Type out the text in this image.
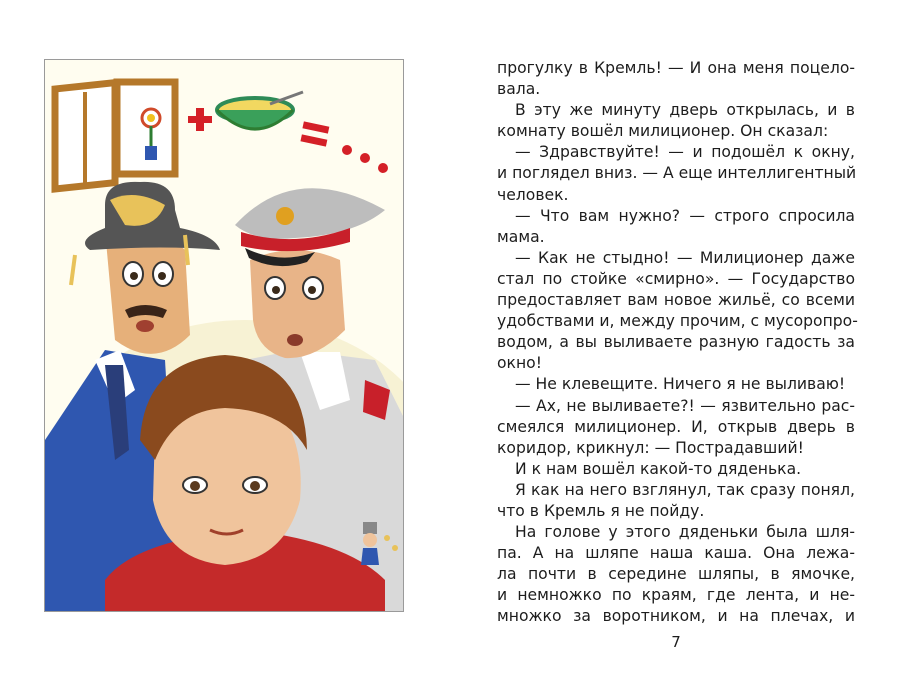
прогулку в Кремль! — И она меня поцело-
вала.
В эту же минуту дверь открылась, и в
комнату вошёл милиционер. Он сказал:
— Здравствуйте! — и подошёл к окну,
и поглядел вниз. — А еще интеллигентный
человек.
— Что вам нужно? — строго спросила
мама.
— Как не стыдно! — Милиционер даже
стал по стойке «смирно». — Государство
предоставляет вам новое жильё, со всеми
удобствами и, между прочим, с мусоропро-
водом, а вы выливаете разную гадость за
окно!
— Не клевещите. Ничего я не выливаю!
— Ах, не выливаете?! — язвительно рас-
смеялся милиционер. И, открыв дверь в
коридор, крикнул: — Пострадавший!
И к нам вошёл какой-то дяденька.
Я как на него взглянул, так сразу понял,
что в Кремль я не пойду.
На голове у этого дяденьки была шля-
па. А на шляпе наша каша. Она лежа-
ла почти в середине шляпы, в ямочке,
и немножко по краям, где лента, и не-
множко за воротником, и на плечах, и
7
